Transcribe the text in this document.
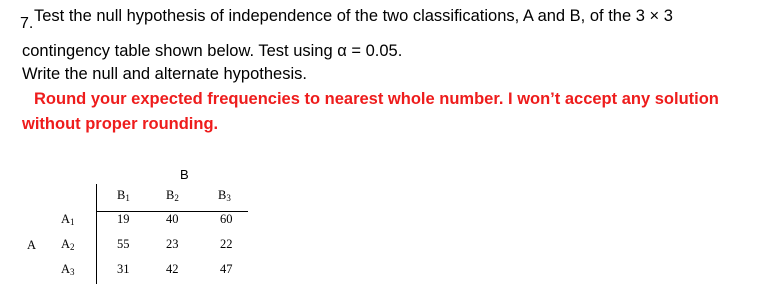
7. Test the null hypothesis of independence of the two classifications, A and B, of the 3 × 3
contingency table shown below. Test using α = 0.05.
Write the null and alternate hypothesis.
Round your expected frequencies to nearest whole number. I won’t accept any solution
without proper rounding.
B
B1	B2	B3
A
A1	19	40	60
A2	55	23	22
A3	31	42	47
